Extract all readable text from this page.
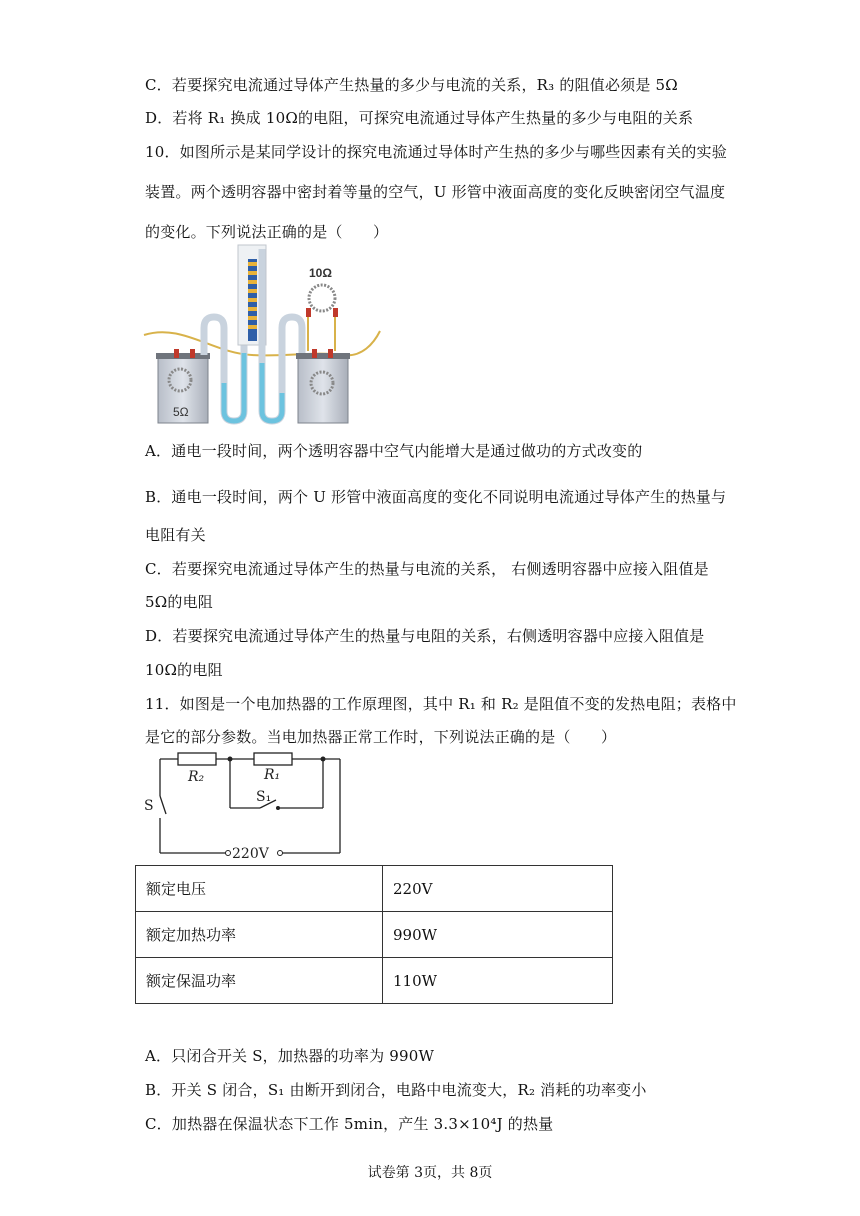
C．若要探究电流通过导体产生热量的多少与电流的关系，R₃ 的阻值必须是 5Ω
D．若将 R₁ 换成 10Ω的电阻，可探究电流通过导体产生热量的多少与电阻的关系
10．如图所示是某同学设计的探究电流通过导体时产生热的多少与哪些因素有关的实验
装置。两个透明容器中密封着等量的空气，U 形管中液面高度的变化反映密闭空气温度
的变化。下列说法正确的是（　　）
5Ω
10Ω
A．通电一段时间，两个透明容器中空气内能增大是通过做功的方式改变的
B．通电一段时间，两个 U 形管中液面高度的变化不同说明电流通过导体产生的热量与
电阻有关
C．若要探究电流通过导体产生的热量与电流的关系， 右侧透明容器中应接入阻值是
5Ω的电阻
D．若要探究电流通过导体产生的热量与电阻的关系，右侧透明容器中应接入阻值是
10Ω的电阻
11．如图是一个电加热器的工作原理图，其中 R₁ 和 R₂ 是阻值不变的发热电阻；表格中
是它的部分参数。当电加热器正常工作时，下列说法正确的是（　　）
R₂	R₁
S
S₁
220V
额定电压	220V
额定加热功率	990W
额定保温功率	110W
A．只闭合开关 S，加热器的功率为 990W
B．开关 S 闭合，S₁ 由断开到闭合，电路中电流变大，R₂ 消耗的功率变小
C．加热器在保温状态下工作 5min，产生 3.3×10⁴J 的热量
试卷第 3页，共 8页
